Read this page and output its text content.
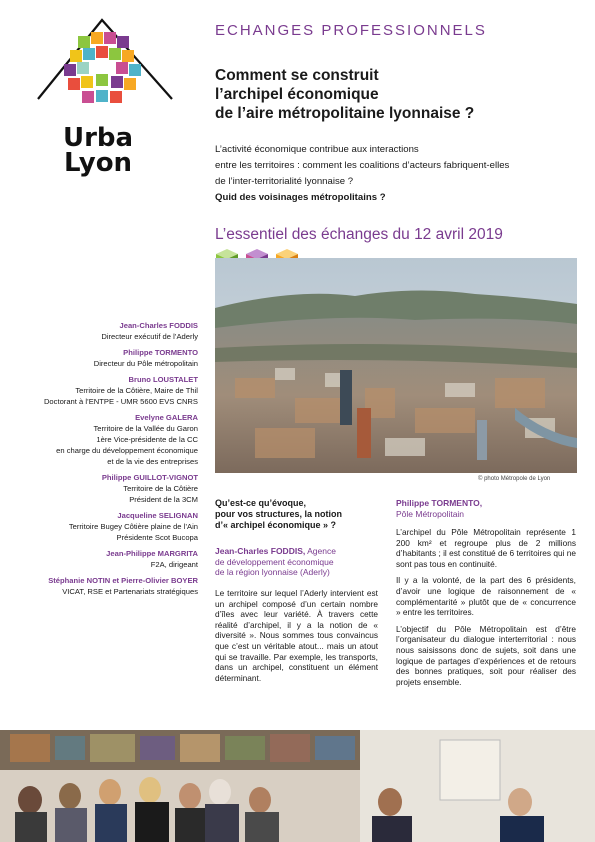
Urba
Lyon
ECHANGES PROFESSIONNELS
Comment se construit
l’archipel économique
de l’aire métropolitaine lyonnaise ?
L’activité économique contribue aux interactions
entre les territoires : comment les coalitions d’acteurs fabriquent-elles
de l’inter-territorialité lyonnaise ?
Quid des voisinages métropolitains ?
L’essentiel des échanges du 12 avril 2019
© photo Métropole de Lyon
Jean-Charles FODDIS
Directeur exécutif de l’Aderly
Philippe TORMENTO
Directeur du Pôle métropolitain
Bruno LOUSTALET
Territoire de la Côtière, Maire de Thil
Doctorant à l’ENTPE - UMR 5600 EVS CNRS
Evelyne GALERA
Territoire de la Vallée du Garon
1ère Vice-présidente de la CC
en charge du développement économique
et de la vie des entreprises
Philippe GUILLOT-VIGNOT
Territoire de la Côtière
Président de la 3CM
Jacqueline SELIGNAN
Territoire Bugey Côtière plaine de l’Ain
Présidente Scot Bucopa
Jean-Philippe MARGRITA
F2A, dirigeant
Stéphanie NOTIN et Pierre-Olivier BOYER
VICAT, RSE et Partenariats stratégiques
Qu’est-ce qu’évoque,
pour vos structures, la notion
d’« archipel économique » ?
Jean-Charles FODDIS, Agence
de développement économique
de la région lyonnaise (Aderly)

Le territoire sur lequel l’Aderly intervient est un archipel composé d’un certain nombre d’îles avec leur variété. À travers cette réalité d’archipel, il y a la notion de « diversité ». Nous sommes tous convaincus que c’est un véritable atout... mais un atout qui se travaille. Par exemple, les transports, dans un archipel, constituent un élément déterminant.

Philippe TORMENTO,
Pôle Métropolitain

L’archipel du Pôle Métropolitain représente 1 200 km² et regroupe plus de 2 millions d’habitants ; il est constitué de 6 territoires qui ne sont pas tous en continuité.

Il y a la volonté, de la part des 6 présidents, d’avoir une logique de raisonnement de « complémentarité » plutôt que de « concurrence » entre les territoires.

L’objectif du Pôle Métropolitain est d’être l’organisateur du dialogue interterritorial : nous nous saisissons donc de sujets, soit dans une logique de partages d’expériences et de retours des bonnes pratiques, soit pour réaliser des projets ensemble.
